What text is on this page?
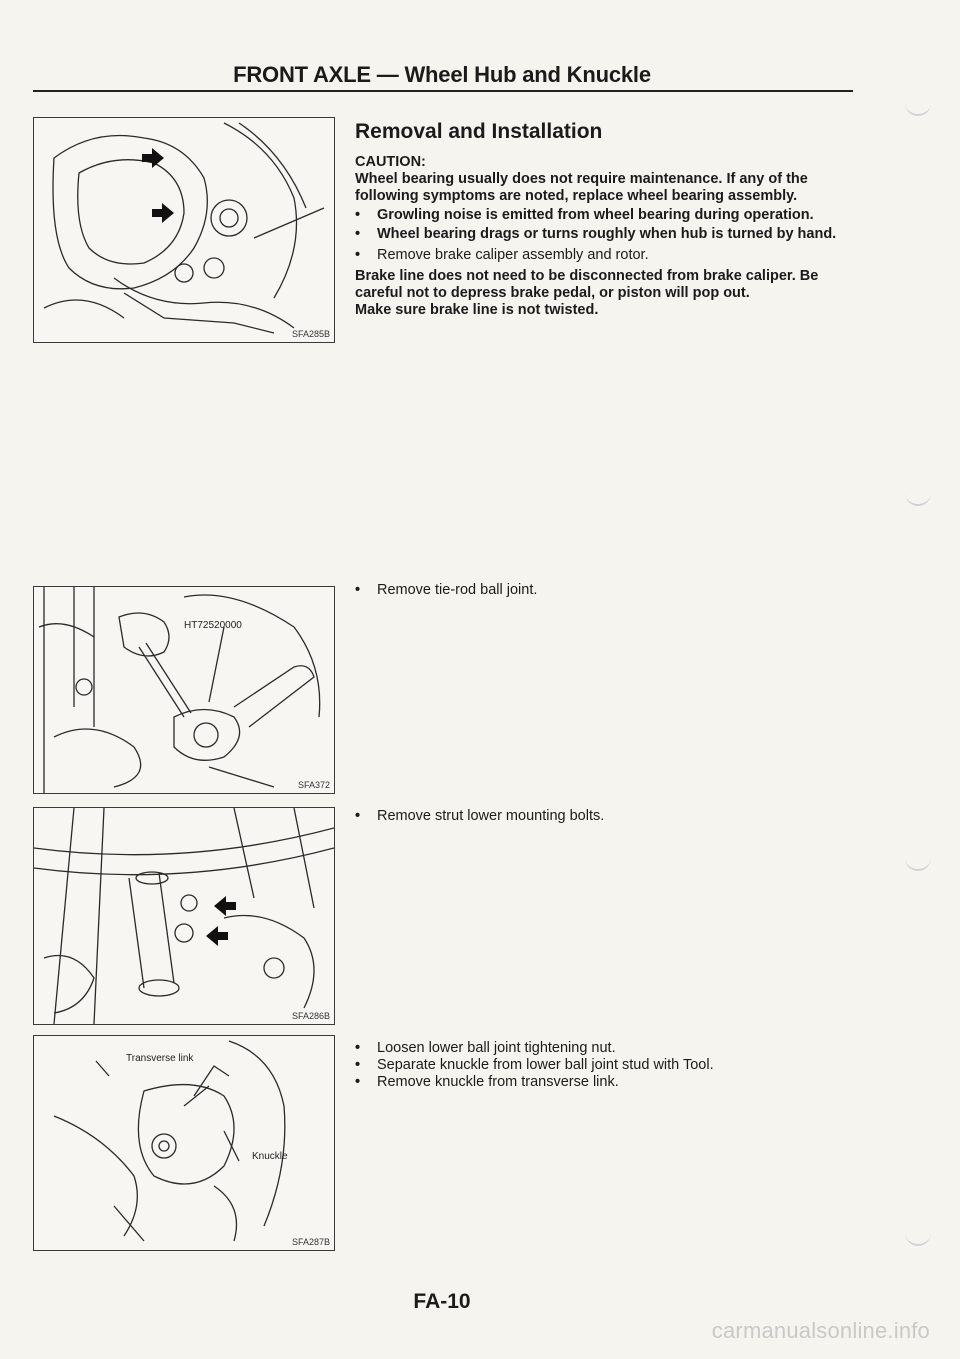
FRONT AXLE — Wheel Hub and Knuckle
SFA285B
HT72520000
SFA372
SFA286B
Transverse link
Knuckle
SFA287B
Removal and Installation

CAUTION:

Wheel bearing usually does not require maintenance. If any of the following symptoms are noted, replace wheel bearing assembly.

• Growling noise is emitted from wheel bearing during operation.

• Wheel bearing drags or turns roughly when hub is turned by hand.

• Remove brake caliper assembly and rotor.

Brake line does not need to be disconnected from brake caliper. Be careful not to depress brake pedal, or piston will pop out.

Make sure brake line is not twisted.

• Remove tie-rod ball joint.

• Remove strut lower mounting bolts.

• Loosen lower ball joint tightening nut.

• Separate knuckle from lower ball joint stud with Tool.

• Remove knuckle from transverse link.

FA-10
carmanualsonline.info
